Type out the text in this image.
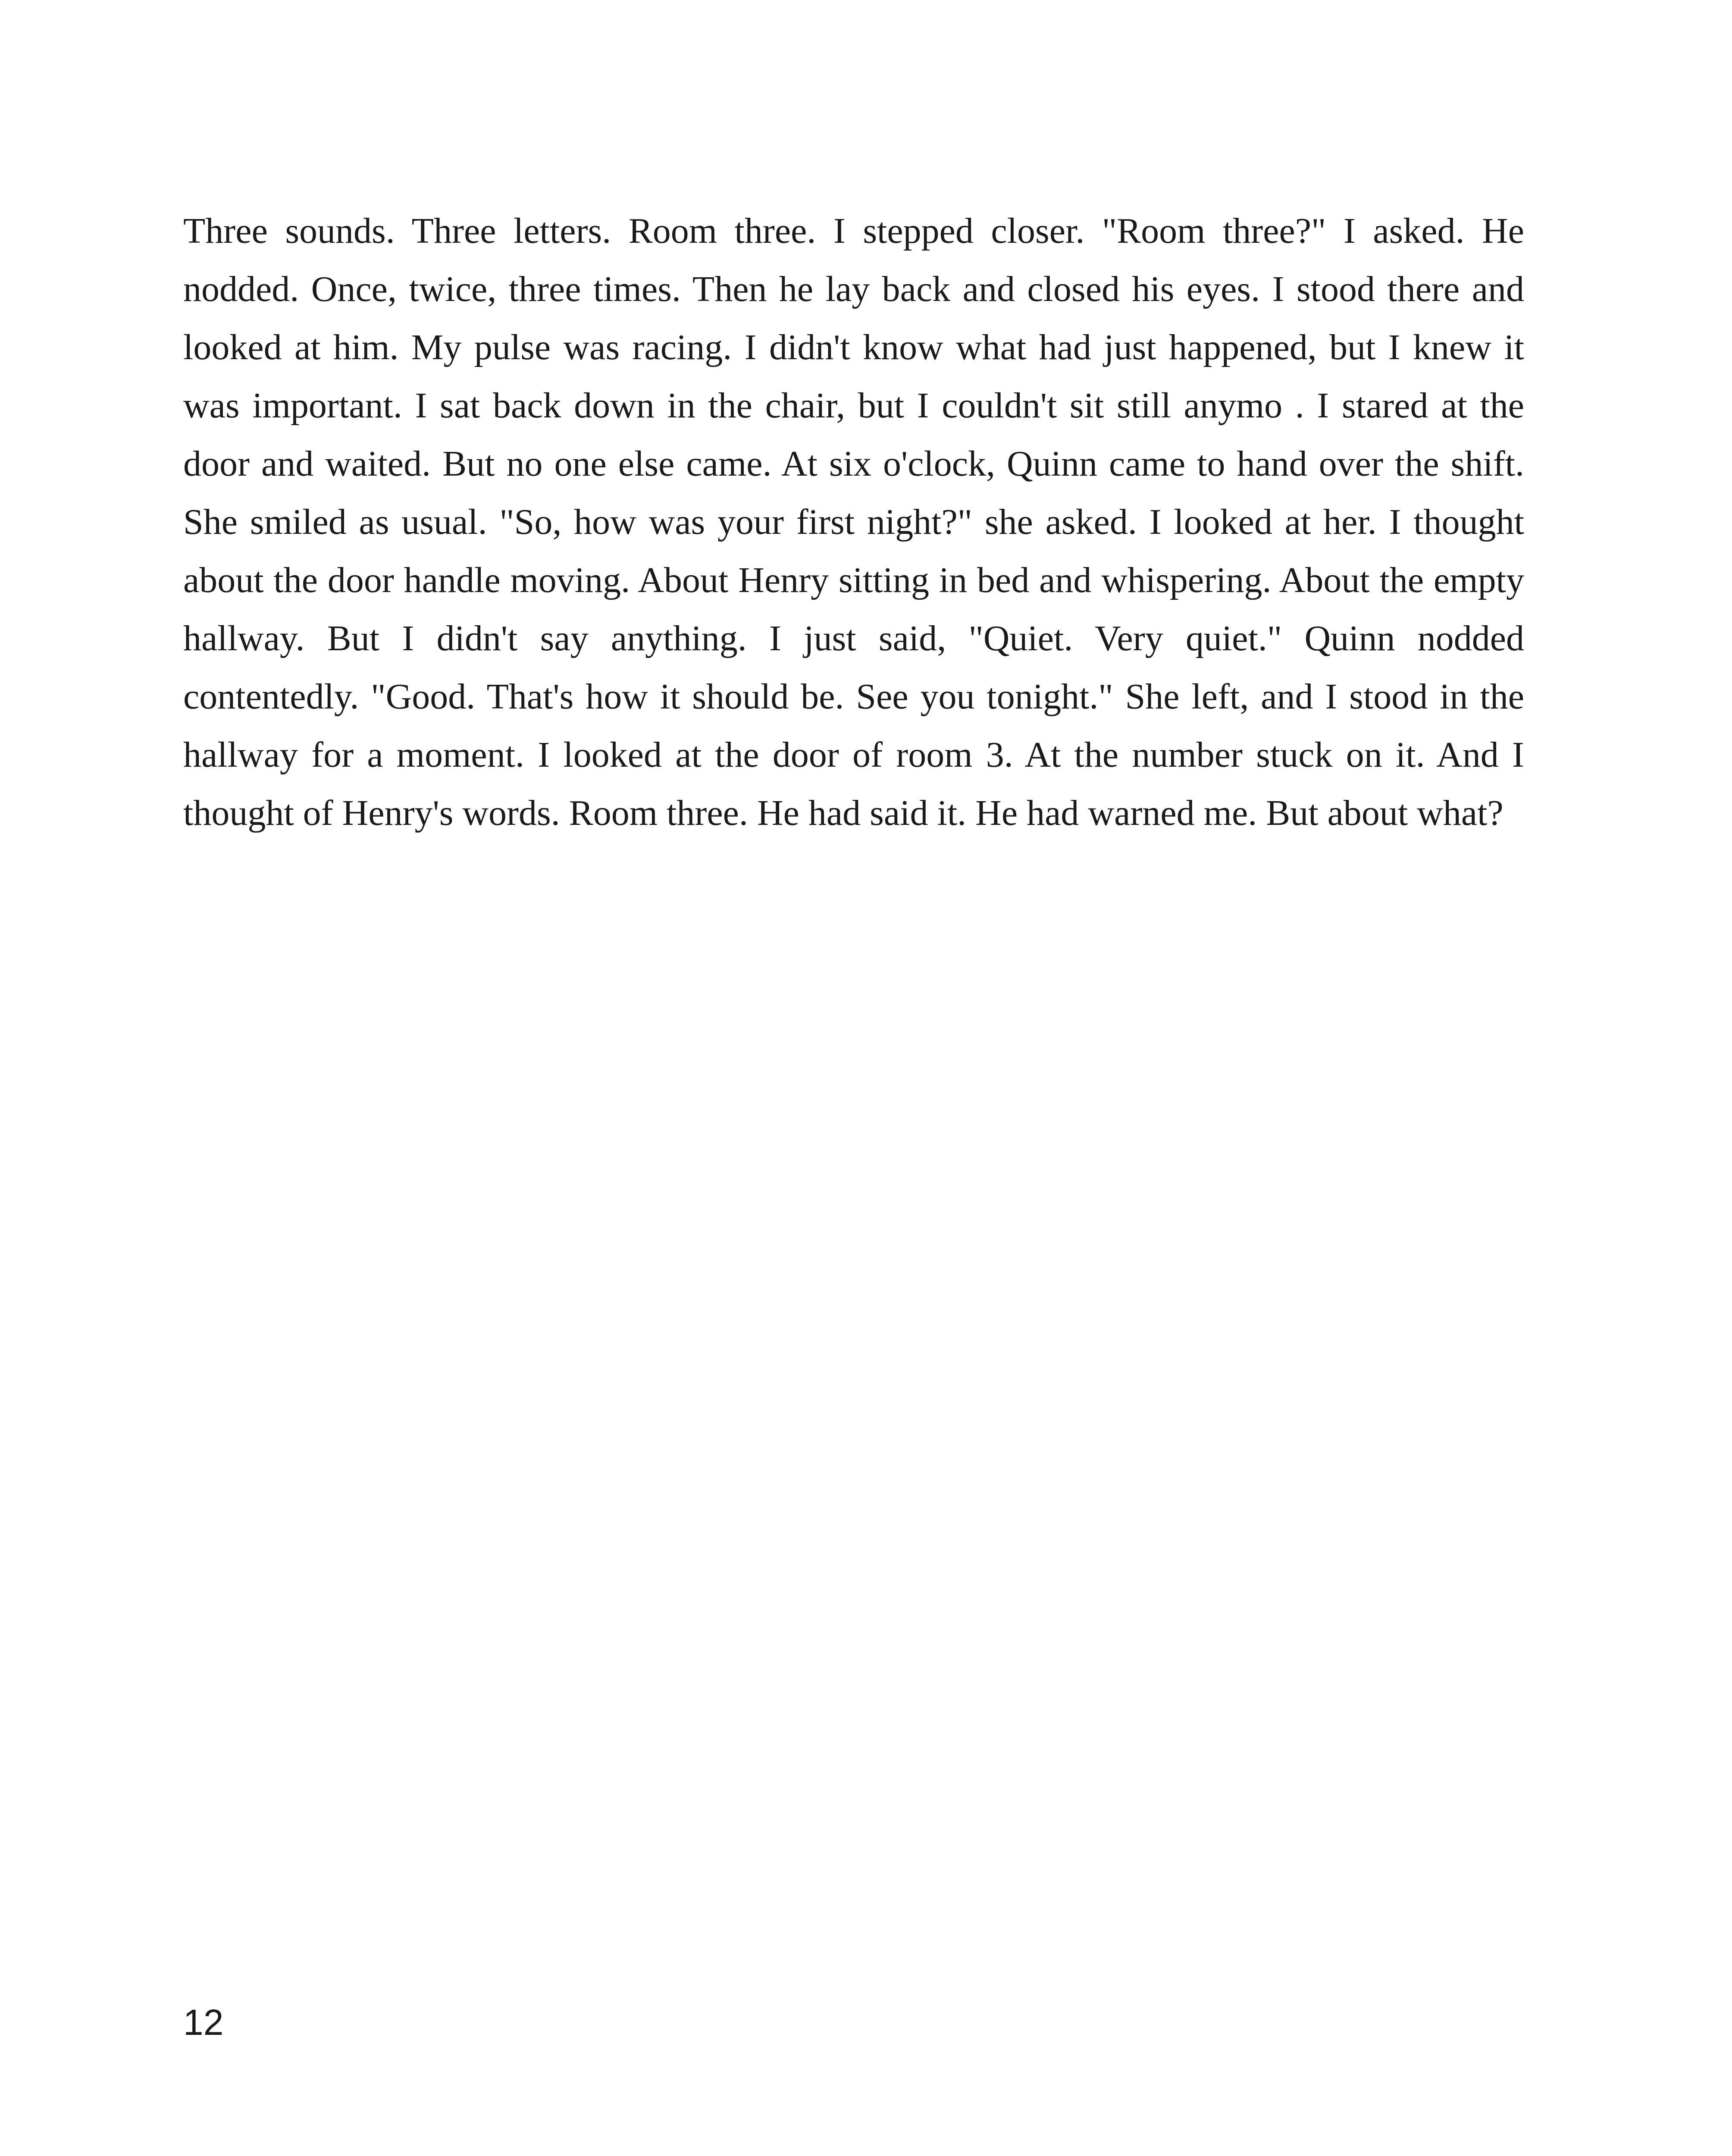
Three sounds. Three letters. Room three. I stepped closer. "Room three?" I asked. He nodded. Once, twice, three times. Then he lay back and closed his eyes. I stood there and looked at him. My pulse was racing. I didn't know what had just happened, but I knew it was important. I sat back down in the chair, but I couldn't sit still anymo . I stared at the door and waited. But no one else came. At six o'clock, Quinn came to hand over the shift. She smiled as usual. "So, how was your first night?" she asked. I looked at her. I thought about the door handle moving. About Henry sitting in bed and whispering. About the empty hallway. But I didn't say anything. I just said, "Quiet. Very quiet." Quinn nodded contentedly. "Good. That's how it should be. See you tonight." She left, and I stood in the hallway for a moment. I looked at the door of room 3. At the number stuck on it. And I thought of Henry's words. Room three. He had said it. He had warned me. But about what?

12
